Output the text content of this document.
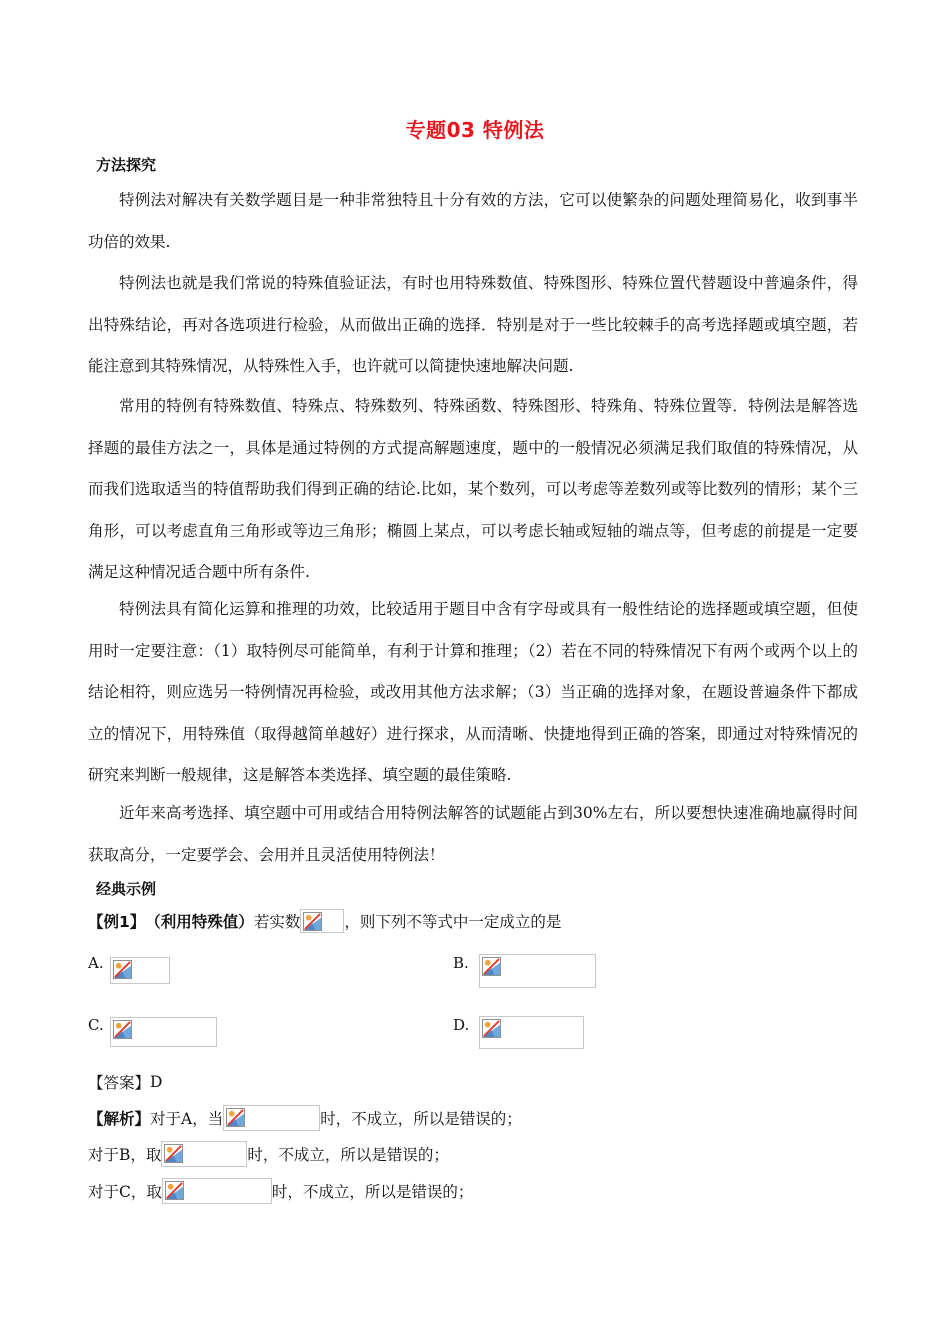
专题03 特例法
方法探究

特例法对解决有关数学题目是一种非常独特且十分有效的方法，它可以使繁杂的问题处理简易化，收到事半功倍的效果.

特例法也就是我们常说的特殊值验证法，有时也用特殊数值、特殊图形、特殊位置代替题设中普遍条件，得出特殊结论，再对各选项进行检验，从而做出正确的选择．特别是对于一些比较棘手的高考选择题或填空题，若能注意到其特殊情况，从特殊性入手，也许就可以简捷快速地解决问题.

常用的特例有特殊数值、特殊点、特殊数列、特殊函数、特殊图形、特殊角、特殊位置等．特例法是解答选择题的最佳方法之一，具体是通过特例的方式提高解题速度，题中的一般情况必须满足我们取值的特殊情况，从而我们选取适当的特值帮助我们得到正确的结论.比如，某个数列，可以考虑等差数列或等比数列的情形；某个三角形，可以考虑直角三角形或等边三角形；椭圆上某点，可以考虑长轴或短轴的端点等，但考虑的前提是一定要满足这种情况适合题中所有条件.

特例法具有简化运算和推理的功效，比较适用于题目中含有字母或具有一般性结论的选择题或填空题，但使用时一定要注意：（1）取特例尽可能简单，有利于计算和推理；（2）若在不同的特殊情况下有两个或两个以上的结论相符，则应选另一特例情况再检验，或改用其他方法求解；（3）当正确的选择对象，在题设普遍条件下都成立的情况下，用特殊值（取得越简单越好）进行探求，从而清晰、快捷地得到正确的答案，即通过对特殊情况的研究来判断一般规律，这是解答本类选择、填空题的最佳策略.

近年来高考选择、填空题中可用或结合用特例法解答的试题能占到30%左右，所以要想快速准确地赢得时间获取高分，一定要学会、会用并且灵活使用特例法！

经典示例
【例1】 （利用特殊值） 若实数	，则下列不等式中一定成立的是
A.	B.
C.	D.
【答案】 D
【解析】 对于A，当	时，不成立，所以是错误的；
对于B，取	时，不成立，所以是错误的；
对于C，取	时，不成立，所以是错误的；
